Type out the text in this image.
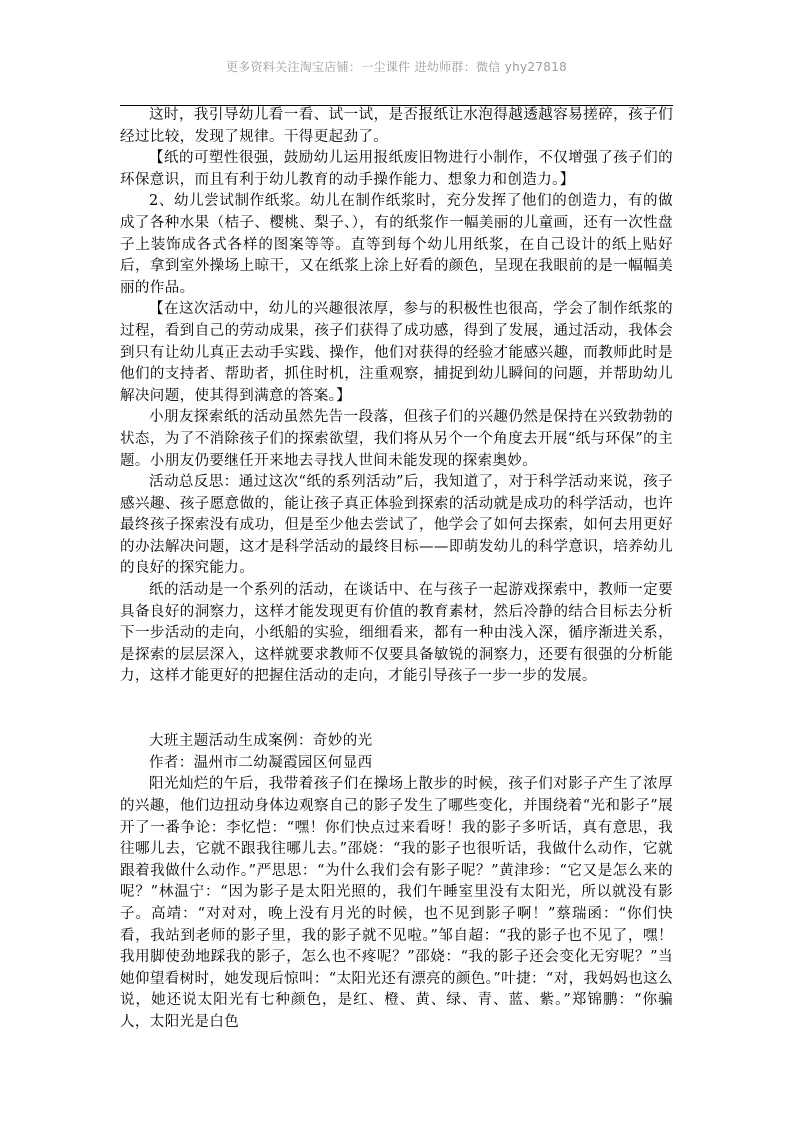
更多资料关注淘宝店铺：一尘课件 进幼师群：微信 yhy27818

这时，我引导幼儿看一看、试一试，是否报纸让水泡得越透越容易搓碎，孩子们经过比较，发现了规律。干得更起劲了。

【纸的可塑性很强，鼓励幼儿运用报纸废旧物进行小制作，不仅增强了孩子们的环保意识，而且有利于幼儿教育的动手操作能力、想象力和创造力。】

2、幼儿尝试制作纸浆。幼儿在制作纸浆时，充分发挥了他们的创造力，有的做成了各种水果（桔子、樱桃、梨子、），有的纸浆作一幅美丽的儿童画，还有一次性盘子上装饰成各式各样的图案等等。直等到每个幼儿用纸浆，在自己设计的纸上贴好后，拿到室外操场上晾干，又在纸浆上涂上好看的颜色，呈现在我眼前的是一幅幅美丽的作品。

【在这次活动中，幼儿的兴趣很浓厚，参与的积极性也很高，学会了制作纸浆的过程，看到自己的劳动成果，孩子们获得了成功感，得到了发展，通过活动，我体会到只有让幼儿真正去动手实践、操作，他们对获得的经验才能感兴趣，而教师此时是他们的支持者、帮助者，抓住时机，注重观察，捕捉到幼儿瞬间的问题，并帮助幼儿解决问题，使其得到满意的答案。】

小朋友探索纸的活动虽然先告一段落，但孩子们的兴趣仍然是保持在兴致勃勃的状态，为了不消除孩子们的探索欲望，我们将从另个一个角度去开展“纸与环保”的主题。小朋友仍要继任开来地去寻找人世间未能发现的探索奥妙。

活动总反思：通过这次“纸的系列活动”后，我知道了，对于科学活动来说，孩子感兴趣、孩子愿意做的，能让孩子真正体验到探索的活动就是成功的科学活动，也许最终孩子探索没有成功，但是至少他去尝试了，他学会了如何去探索，如何去用更好的办法解决问题，这才是科学活动的最终目标——即萌发幼儿的科学意识，培养幼儿的良好的探究能力。

纸的活动是一个系列的活动，在谈话中、在与孩子一起游戏探索中，教师一定要具备良好的洞察力，这样才能发现更有价值的教育素材，然后冷静的结合目标去分析下一步活动的走向，小纸船的实验，细细看来，都有一种由浅入深，循序渐进关系，是探索的层层深入，这样就要求教师不仅要具备敏锐的洞察力，还要有很强的分析能力，这样才能更好的把握住活动的走向，才能引导孩子一步一步的发展。

大班主题活动生成案例：奇妙的光

作者：温州市二幼凝霞园区何显西

阳光灿烂的午后，我带着孩子们在操场上散步的时候，孩子们对影子产生了浓厚的兴趣，他们边扭动身体边观察自己的影子发生了哪些变化，并围绕着“光和影子”展开了一番争论：李忆恺：“嘿！你们快点过来看呀！我的影子多听话，真有意思，我往哪儿去，它就不跟我往哪儿去。”邵娆：“我的影子也很听话，我做什么动作，它就跟着我做什么动作。”严思思：“为什么我们会有影子呢？”黄津珍：“它又是怎么来的呢？”林温宁：“因为影子是太阳光照的，我们午睡室里没有太阳光，所以就没有影子。高靖：“对对对，晚上没有月光的时候，也不见到影子啊！”蔡瑞函：“你们快看，我站到老师的影子里，我的影子就不见啦。”邹自超：“我的影子也不见了，嘿！我用脚使劲地踩我的影子，怎么也不疼呢？”邵娆：“我的影子还会变化无穷呢？”当她仰望看树时，她发现后惊叫：“太阳光还有漂亮的颜色。”叶捷：“对，我妈妈也这么说，她还说太阳光有七种颜色，是红、橙、黄、绿、青、蓝、紫。”郑锦鹏：“你骗人，太阳光是白色
